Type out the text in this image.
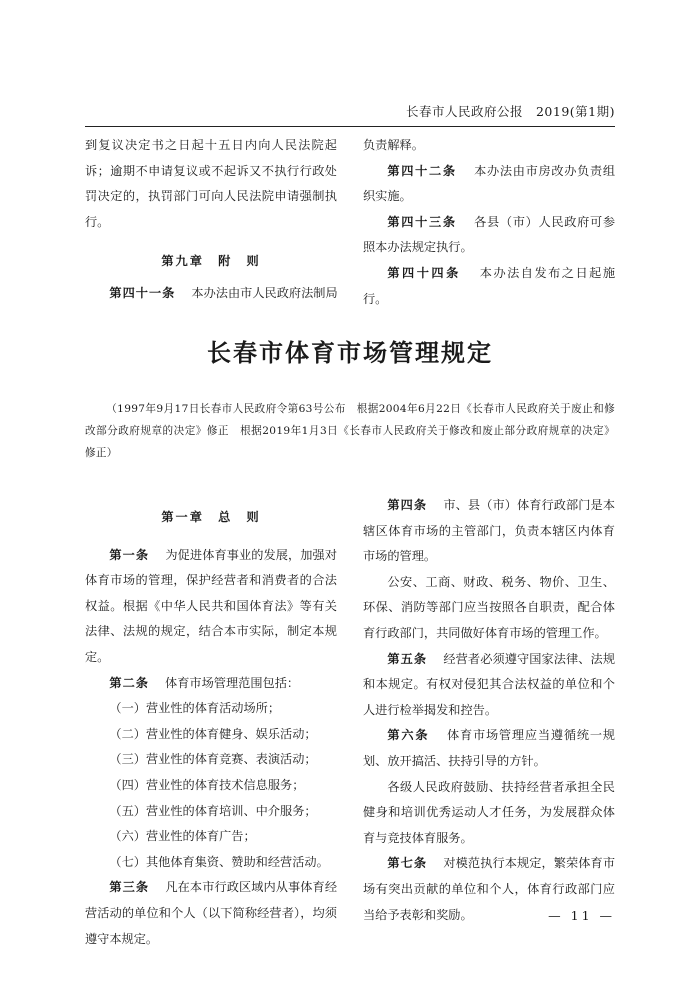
长春市人民政府公报　2019(第1期)

到复议决定书之日起十五日内向人民法院起诉；逾期不申请复议或不起诉又不执行行政处罚决定的，执罚部门可向人民法院申请强制执行。

第九章　附　则

第四十一条　 本办法由市人民政府法制局

负责解释。

第四十二条　 本办法由市房改办负责组织实施。

第四十三条　 各县（市）人民政府可参照本办法规定执行。

第四十四条　 本办法自发布之日起施行。

长春市体育市场管理规定
（1997年9月17日长春市人民政府令第63号公布　根据2004年6月22日《长春市人民政府关于废止和修改部分政府规章的决定》修正　根据2019年1月3日《长春市人民政府关于修改和废止部分政府规章的决定》修正）

第一章　总　则

第一条　 为促进体育事业的发展，加强对体育市场的管理，保护经营者和消费者的合法权益。根据《中华人民共和国体育法》等有关法律、法规的规定，结合本市实际，制定本规定。

第二条　 体育市场管理范围包括：

（一）营业性的体育活动场所；

（二）营业性的体育健身、娱乐活动；

（三）营业性的体育竞赛、表演活动；

（四）营业性的体育技术信息服务；

（五）营业性的体育培训、中介服务；

（六）营业性的体育广告；

（七）其他体育集资、赞助和经营活动。

第三条　 凡在本市行政区域内从事体育经营活动的单位和个人（以下简称经营者），均须遵守本规定。

第四条　 市、县（市）体育行政部门是本辖区体育市场的主管部门，负责本辖区内体育市场的管理。

公安、工商、财政、税务、物价、卫生、环保、消防等部门应当按照各自职责，配合体育行政部门，共同做好体育市场的管理工作。

第五条　 经营者必须遵守国家法律、法规和本规定。有权对侵犯其合法权益的单位和个人进行检举揭发和控告。

第六条　 体育市场管理应当遵循统一规划、放开搞活、扶持引导的方针。

各级人民政府鼓励、扶持经营者承担全民健身和培训优秀运动人才任务，为发展群众体育与竞技体育服务。

第七条　 对模范执行本规定，繁荣体育市场有突出贡献的单位和个人，体育行政部门应当给予表彰和奖励。	— 11 —
